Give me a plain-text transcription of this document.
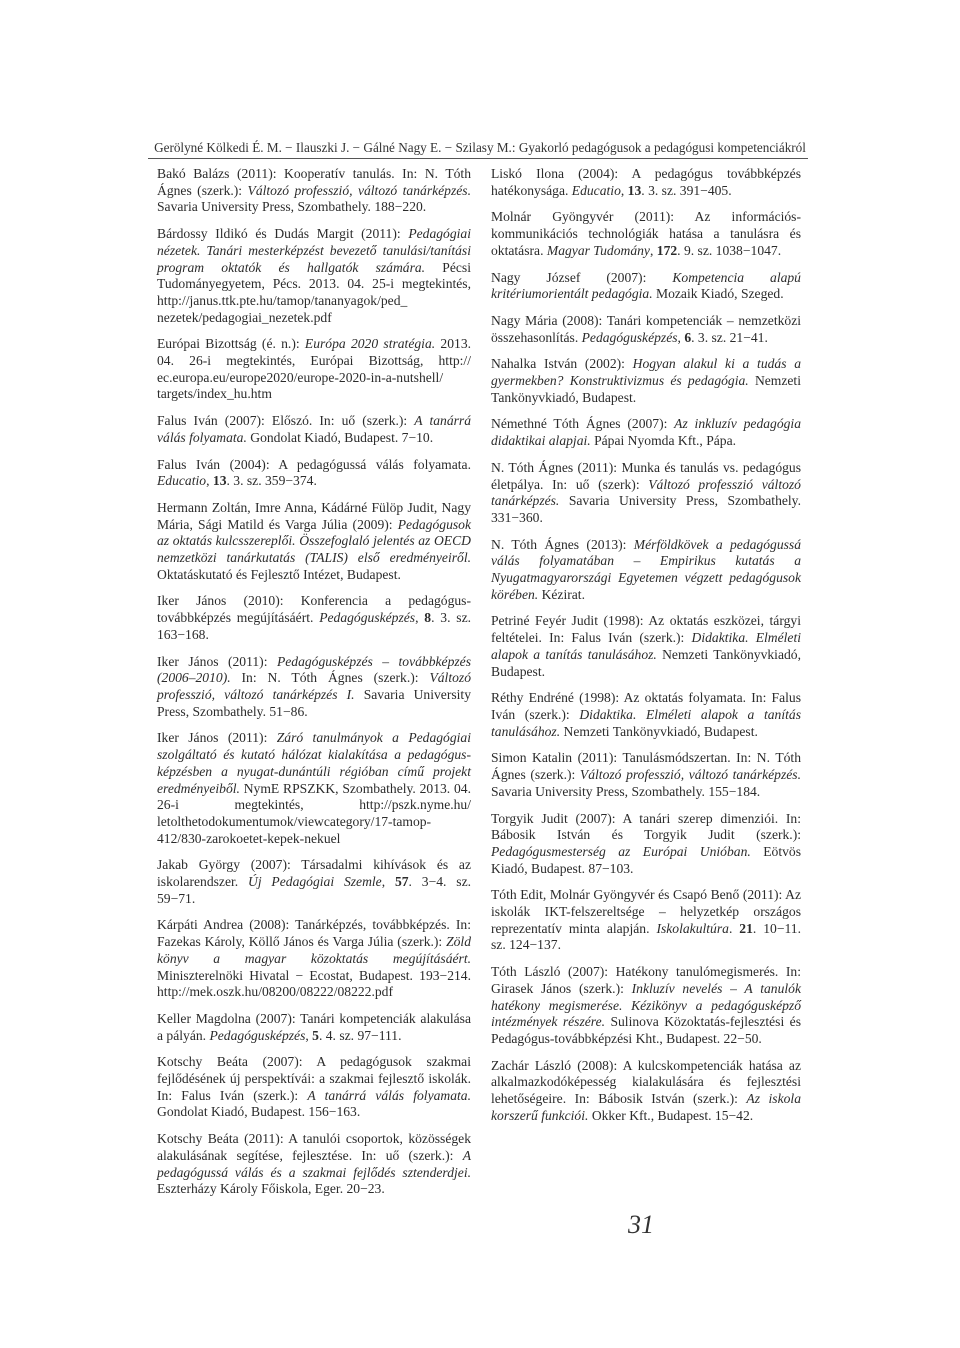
Gerölyné Kölkedi É. M. − Ilauszki J. − Gálné Nagy E. − Szilasy M.: Gyakorló pedagógusok a pedagógusi kompetenciákról

Bakó Balázs (2011): Kooperatív tanulás. In: N. Tóth Ágnes (szerk.): Változó professzió, változó tanárképzés. Savaria University Press, Szombathely. 188−220.

Bárdossy Ildikó és Dudás Margit (2011): Pedagógiai nézetek. Tanári mesterképzést bevezető tanulási/tanítási program oktatók és hallgatók számára. Pécsi Tudományegyetem, Pécs. 2013. 04. 25-i megtekintés, http://janus.ttk.pte.hu/tamop/tananyagok/ped_ nezetek/pedagogiai_nezetek.pdf

Európai Bizottság (é. n.): Európa 2020 stratégia. 2013. 04. 26-i megtekintés, Európai Bizottság, http:// ec.europa.eu/europe2020/europe-2020-in-a-nutshell/ targets/index_hu.htm

Falus Iván (2007): Előszó. In: uő (szerk.): A tanárrá válás folyamata. Gondolat Kiadó, Budapest. 7−10.

Falus Iván (2004): A pedagógussá válás folyamata. Educatio, 13. 3. sz. 359−374.

Hermann Zoltán, Imre Anna, Kádárné Fülöp Judit, Nagy Mária, Sági Matild és Varga Júlia (2009): Pedagógusok az oktatás kulcsszereplői. Összefoglaló jelentés az OECD nemzetközi tanárkutatás (TALIS) első eredményeiről. Oktatáskutató és Fejlesztő Intézet, Budapest.

Iker János (2010): Konferencia a pedagógus-továbbképzés megújításáért. Pedagógusképzés, 8. 3. sz. 163−168.

Iker János (2011): Pedagógusképzés – továbbképzés (2006–2010). In: N. Tóth Ágnes (szerk.): Változó professzió, változó tanárképzés I. Savaria University Press, Szombathely. 51−86.

Iker János (2011): Záró tanulmányok a Pedagógiai szolgáltató és kutató hálózat kialakítása a pedagógus-képzésben a nyugat-dunántúli régióban című projekt eredményeiből. NymE RPSZKK, Szombathely. 2013. 04. 26-i megtekintés, http://pszk.nyme.hu/ letolthetodokumentumok/viewcategory/17-tamop-412/830-zarokoetet-kepek-nekuel

Jakab György (2007): Társadalmi kihívások és az iskolarendszer. Új Pedagógiai Szemle, 57. 3−4. sz. 59−71.

Kárpáti Andrea (2008): Tanárképzés, továbbképzés. In: Fazekas Károly, Köllő János és Varga Júlia (szerk.): Zöld könyv a magyar közoktatás megújításáért. Miniszterelnöki Hivatal − Ecostat, Budapest. 193−214. http://mek.oszk.hu/08200/08222/08222.pdf

Keller Magdolna (2007): Tanári kompetenciák alakulása a pályán. Pedagógusképzés, 5. 4. sz. 97−111.

Kotschy Beáta (2007): A pedagógusok szakmai fejlődésének új perspektívái: a szakmai fejlesztő iskolák. In: Falus Iván (szerk.): A tanárrá válás folyamata. Gondolat Kiadó, Budapest. 156−163.

Kotschy Beáta (2011): A tanulói csoportok, közösségek alakulásának segítése, fejlesztése. In: uő (szerk.): A pedagógussá válás és a szakmai fejlődés sztenderdjei. Eszterházy Károly Főiskola, Eger. 20−23.

Liskó Ilona (2004): A pedagógus továbbképzés hatékonysága. Educatio, 13. 3. sz. 391−405.

Molnár Gyöngyvér (2011): Az információs-kommunikációs technológiák hatása a tanulásra és oktatásra. Magyar Tudomány, 172. 9. sz. 1038−1047.

Nagy József (2007): Kompetencia alapú kritériumorientált pedagógia. Mozaik Kiadó, Szeged.

Nagy Mária (2008): Tanári kompetenciák – nemzetközi összehasonlítás. Pedagógusképzés, 6. 3. sz. 21−41.

Nahalka István (2002): Hogyan alakul ki a tudás a gyermekben? Konstruktivizmus és pedagógia. Nemzeti Tankönyvkiadó, Budapest.

Némethné Tóth Ágnes (2007): Az inkluzív pedagógia didaktikai alapjai. Pápai Nyomda Kft., Pápa.

N. Tóth Ágnes (2011): Munka és tanulás vs. pedagógus életpálya. In: uő (szerk): Változó professzió változó tanárképzés. Savaria University Press, Szombathely. 331−360.

N. Tóth Ágnes (2013): Mérföldkövek a pedagógussá válás folyamatában – Empirikus kutatás a Nyugatmagyarországi Egyetemen végzett pedagógusok körében. Kézirat.

Petriné Feyér Judit (1998): Az oktatás eszközei, tárgyi feltételei. In: Falus Iván (szerk.): Didaktika. Elméleti alapok a tanítás tanulásához. Nemzeti Tankönyvkiadó, Budapest.

Réthy Endréné (1998): Az oktatás folyamata. In: Falus Iván (szerk.): Didaktika. Elméleti alapok a tanítás tanulásához. Nemzeti Tankönyvkiadó, Budapest.

Simon Katalin (2011): Tanulásmódszertan. In: N. Tóth Ágnes (szerk.): Változó professzió, változó tanárképzés. Savaria University Press, Szombathely. 155−184.

Torgyik Judit (2007): A tanári szerep dimenziói. In: Bábosik István és Torgyik Judit (szerk.): Pedagógusmesterség az Európai Unióban. Eötvös Kiadó, Budapest. 87−103.

Tóth Edit, Molnár Gyöngyvér és Csapó Benő (2011): Az iskolák IKT-felszereltsége – helyzetkép országos reprezentatív minta alapján. Iskolakultúra. 21. 10−11. sz. 124−137.

Tóth László (2007): Hatékony tanulómegismerés. In: Girasek János (szerk.): Inkluzív nevelés – A tanulók hatékony megismerése. Kézikönyv a pedagógusképző intézmények részére. Sulinova Közoktatás-fejlesztési és Pedagógus-továbbképzési Kht., Budapest. 22−50.

Zachár László (2008): A kulcskompetenciák hatása az alkalmazkodóképesség kialakulására és fejlesztési lehetőségeire. In: Bábosik István (szerk.): Az iskola korszerű funkciói. Okker Kft., Budapest. 15−42.

31
